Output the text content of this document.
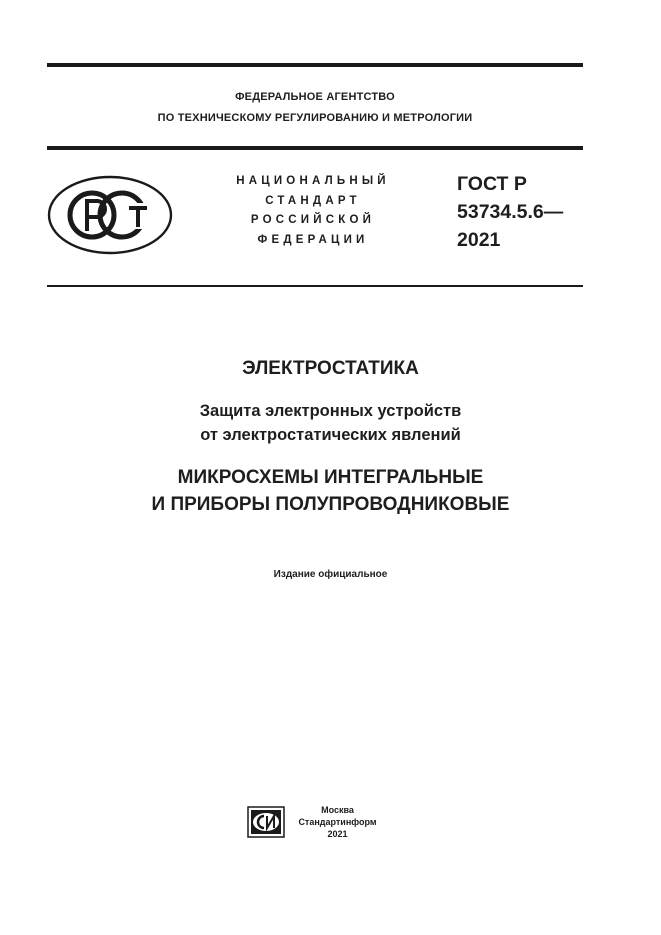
ФЕДЕРАЛЬНОЕ АГЕНТСТВО
ПО ТЕХНИЧЕСКОМУ РЕГУЛИРОВАНИЮ И МЕТРОЛОГИИ
НАЦИОНАЛЬНЫЙ
СТАНДАРТ
РОССИЙСКОЙ
ФЕДЕРАЦИИ
ГОСТ Р
53734.5.6—
2021
ЭЛЕКТРОСТАТИКА
Защита электронных устройств
от электростатических явлений
МИКРОСХЕМЫ ИНТЕГРАЛЬНЫЕ
И ПРИБОРЫ ПОЛУПРОВОДНИКОВЫЕ
Издание официальное
Москва
Стандартинформ
2021
